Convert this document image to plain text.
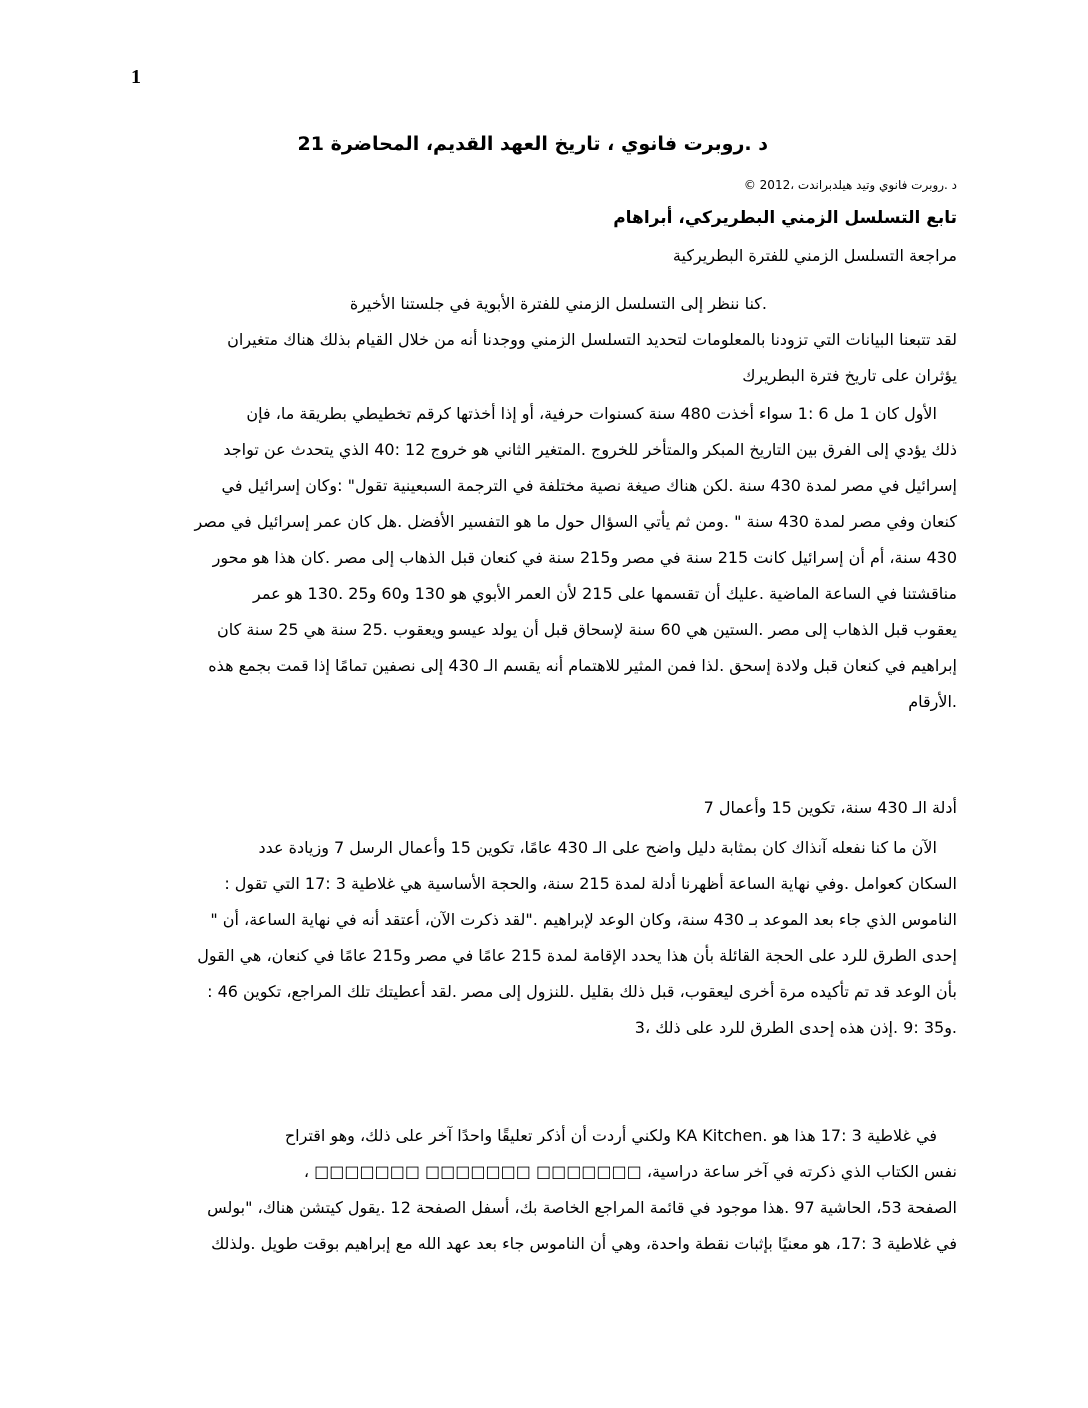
1
د .روبرت فانوي ، تاريخ العهد القديم، المحاضرة 21
د .روبرت فانوي وتيد هيلدبراندت ،2012 ©
تابع التسلسل الزمني البطريركي، أبراهام
مراجعة التسلسل الزمني للفترة البطريركية
.كنا ننظر إلى التسلسل الزمني للفترة الأبوية في جلستنا الأخيرة
لقد تتبعنا البيانات التي تزودنا بالمعلومات لتحديد التسلسل الزمني ووجدنا أنه من خلال القيام بذلك هناك متغيران
يؤثران على تاريخ فترة البطريرك
الأول كان 1 مل 6 :1 سواء أخذت 480 سنة كسنوات حرفية، أو إذا أخذتها كرقم تخطيطي بطريقة ما، فإن
ذلك يؤدي إلى الفرق بين التاريخ المبكر والمتأخر للخروج .المتغير الثاني هو خروج 12 :40 الذي يتحدث عن تواجد
إسرائيل في مصر لمدة 430 سنة .لكن هناك صيغة نصية مختلفة في الترجمة السبعينية تقول" :وكان إسرائيل في
كنعان وفي مصر لمدة 430 سنة " .ومن ثم يأتي السؤال حول ما هو التفسير الأفضل .هل كان عمر إسرائيل في مصر
430 سنة، أم أن إسرائيل كانت 215 سنة في مصر و215 سنة في كنعان قبل الذهاب إلى مصر .كان هذا هو محور
مناقشتنا في الساعة الماضية .عليك أن تقسمها على 215 لأن العمر الأبوي هو 130 و60 و25 .130 هو عمر
يعقوب قبل الذهاب إلى مصر .الستين هي 60 سنة لإسحاق قبل أن يولد عيسو ويعقوب .25 سنة هي 25 سنة كان
إبراهيم في كنعان قبل ولادة إسحق .لذا فمن المثير للاهتمام أنه يقسم الـ 430 إلى نصفين تمامًا إذا قمت بجمع هذه
.الأرقام
أدلة الـ 430 سنة، تكوين 15 وأعمال 7
الآن ما كنا نفعله آنذاك كان بمثابة دليل واضح على الـ 430 عامًا، تكوين 15 وأعمال الرسل 7 وزيادة عدد
السكان كعوامل .وفي نهاية الساعة أظهرنا أدلة لمدة 215 سنة، والحجة الأساسية هي غلاطية 3 :17 التي تقول :
الناموس الذي جاء بعد الموعد بـ 430 سنة، وكان الوعد لإبراهيم ."لقد ذكرت الآن، أعتقد أنه في نهاية الساعة، أن "
إحدى الطرق للرد على الحجة القائلة بأن هذا يحدد الإقامة لمدة 215 عامًا في مصر و215 عامًا في كنعان، هي القول
بأن الوعد قد تم تأكيده مرة أخرى ليعقوب، قبل ذلك بقليل .للنزول إلى مصر .لقد أعطيتك تلك المراجع، تكوين 46 :
.و35 :9 .إذن هذه إحدى الطرق للرد على ذلك ،3
في غلاطية 3 :17 هذا هو .KA Kitchen ولكني أردت أن أذكر تعليقًا واحدًا آخر على ذلك، وهو اقتراح
نفس الكتاب الذي ذكرته في آخر ساعة دراسية، □□□□□□□ □□□□□□□ □□□□□□□ ،
الصفحة 53، الحاشية 97 .هذا موجود في قائمة المراجع الخاصة بك، أسفل الصفحة 12 .يقول كيتشن هناك، "بولس
في غلاطية 3 :17، هو معنيًا بإثبات نقطة واحدة، وهي أن الناموس جاء بعد عهد الله مع إبراهيم بوقت طويل .ولذلك
